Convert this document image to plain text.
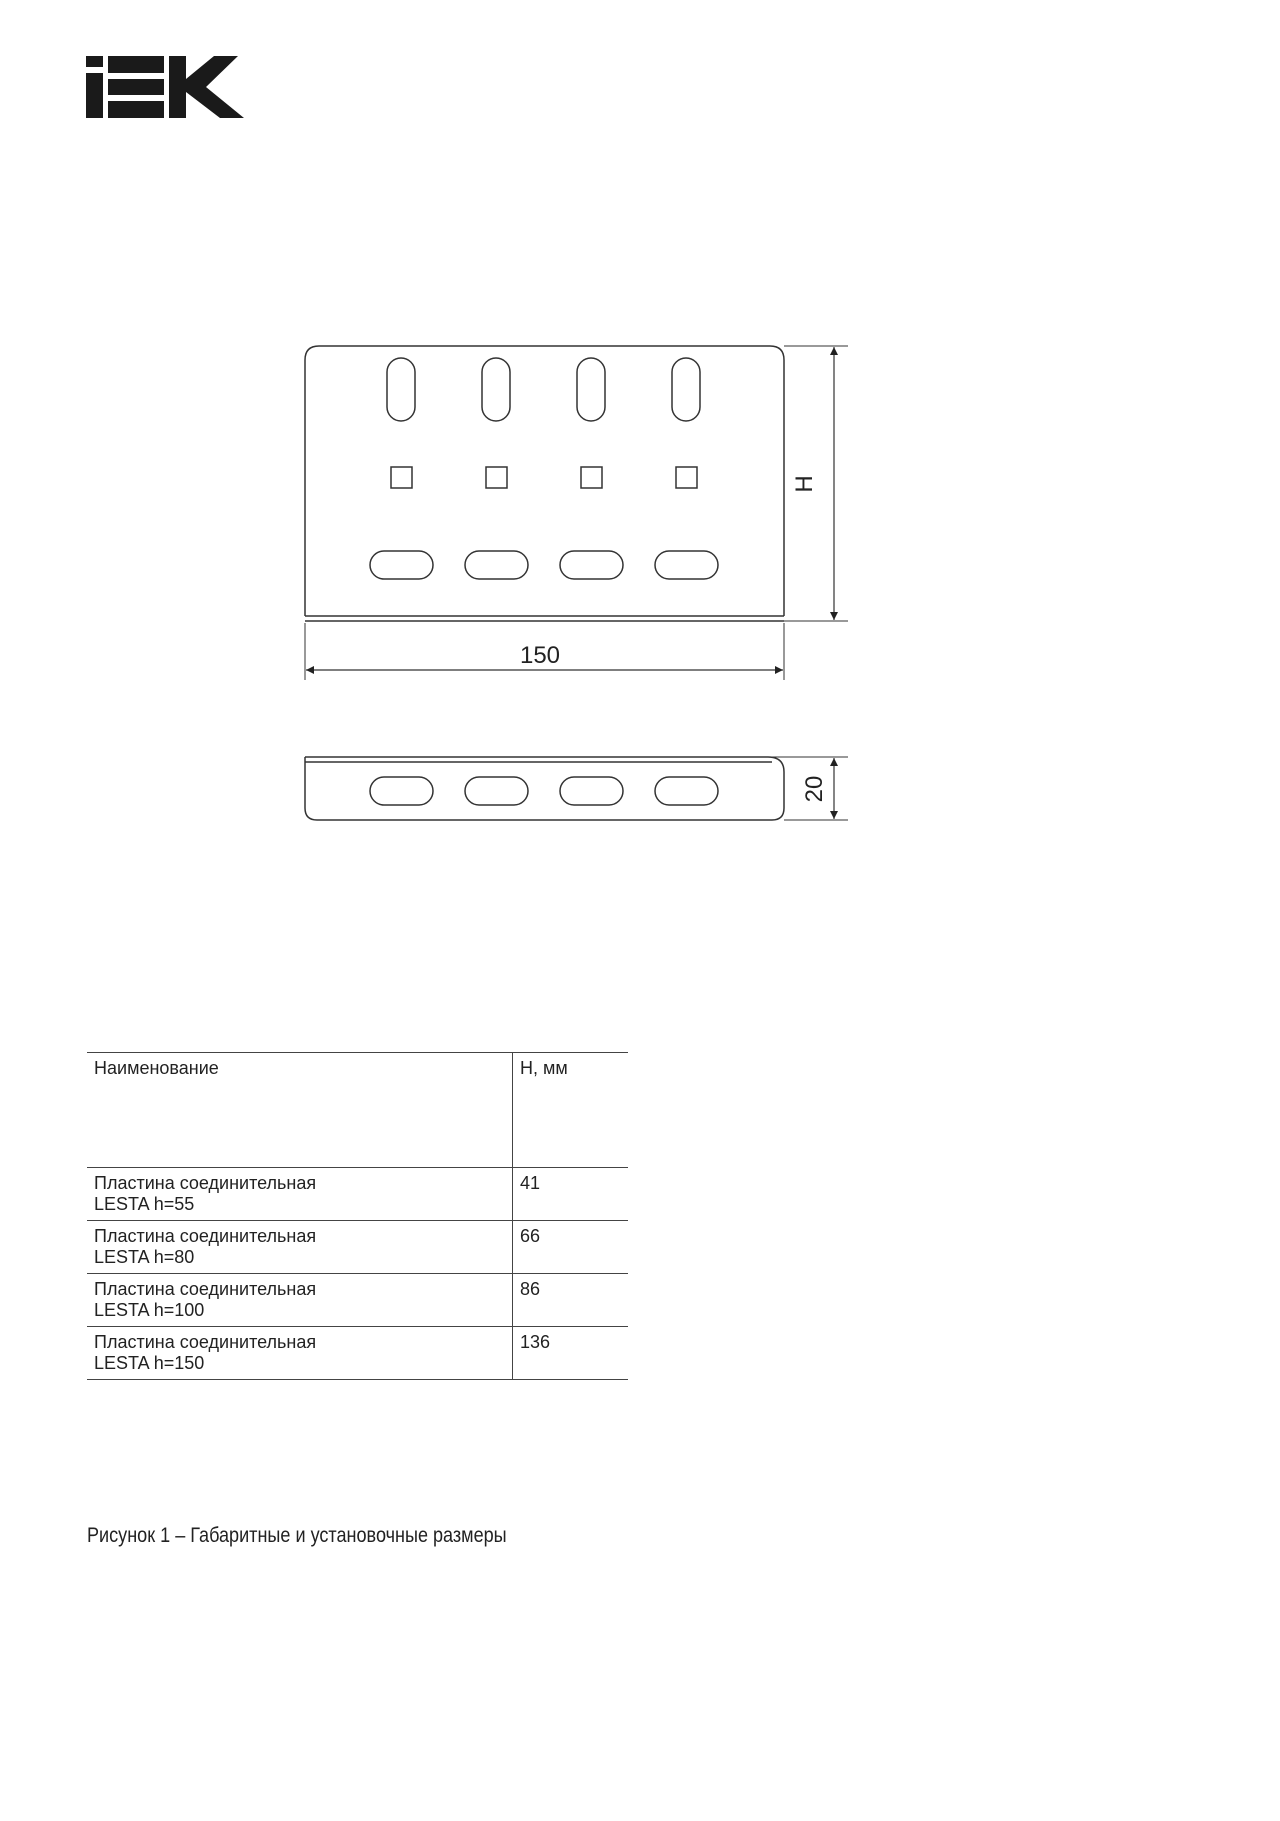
150
H
20
Наименование	H, мм

Пластина соединительная
LESTA h=55	41

Пластина соединительная
LESTA h=80	66

Пластина соединительная
LESTA h=100	86

Пластина соединительная
LESTA h=150	136
Рисунок 1 – Габаритные и установочные размеры
